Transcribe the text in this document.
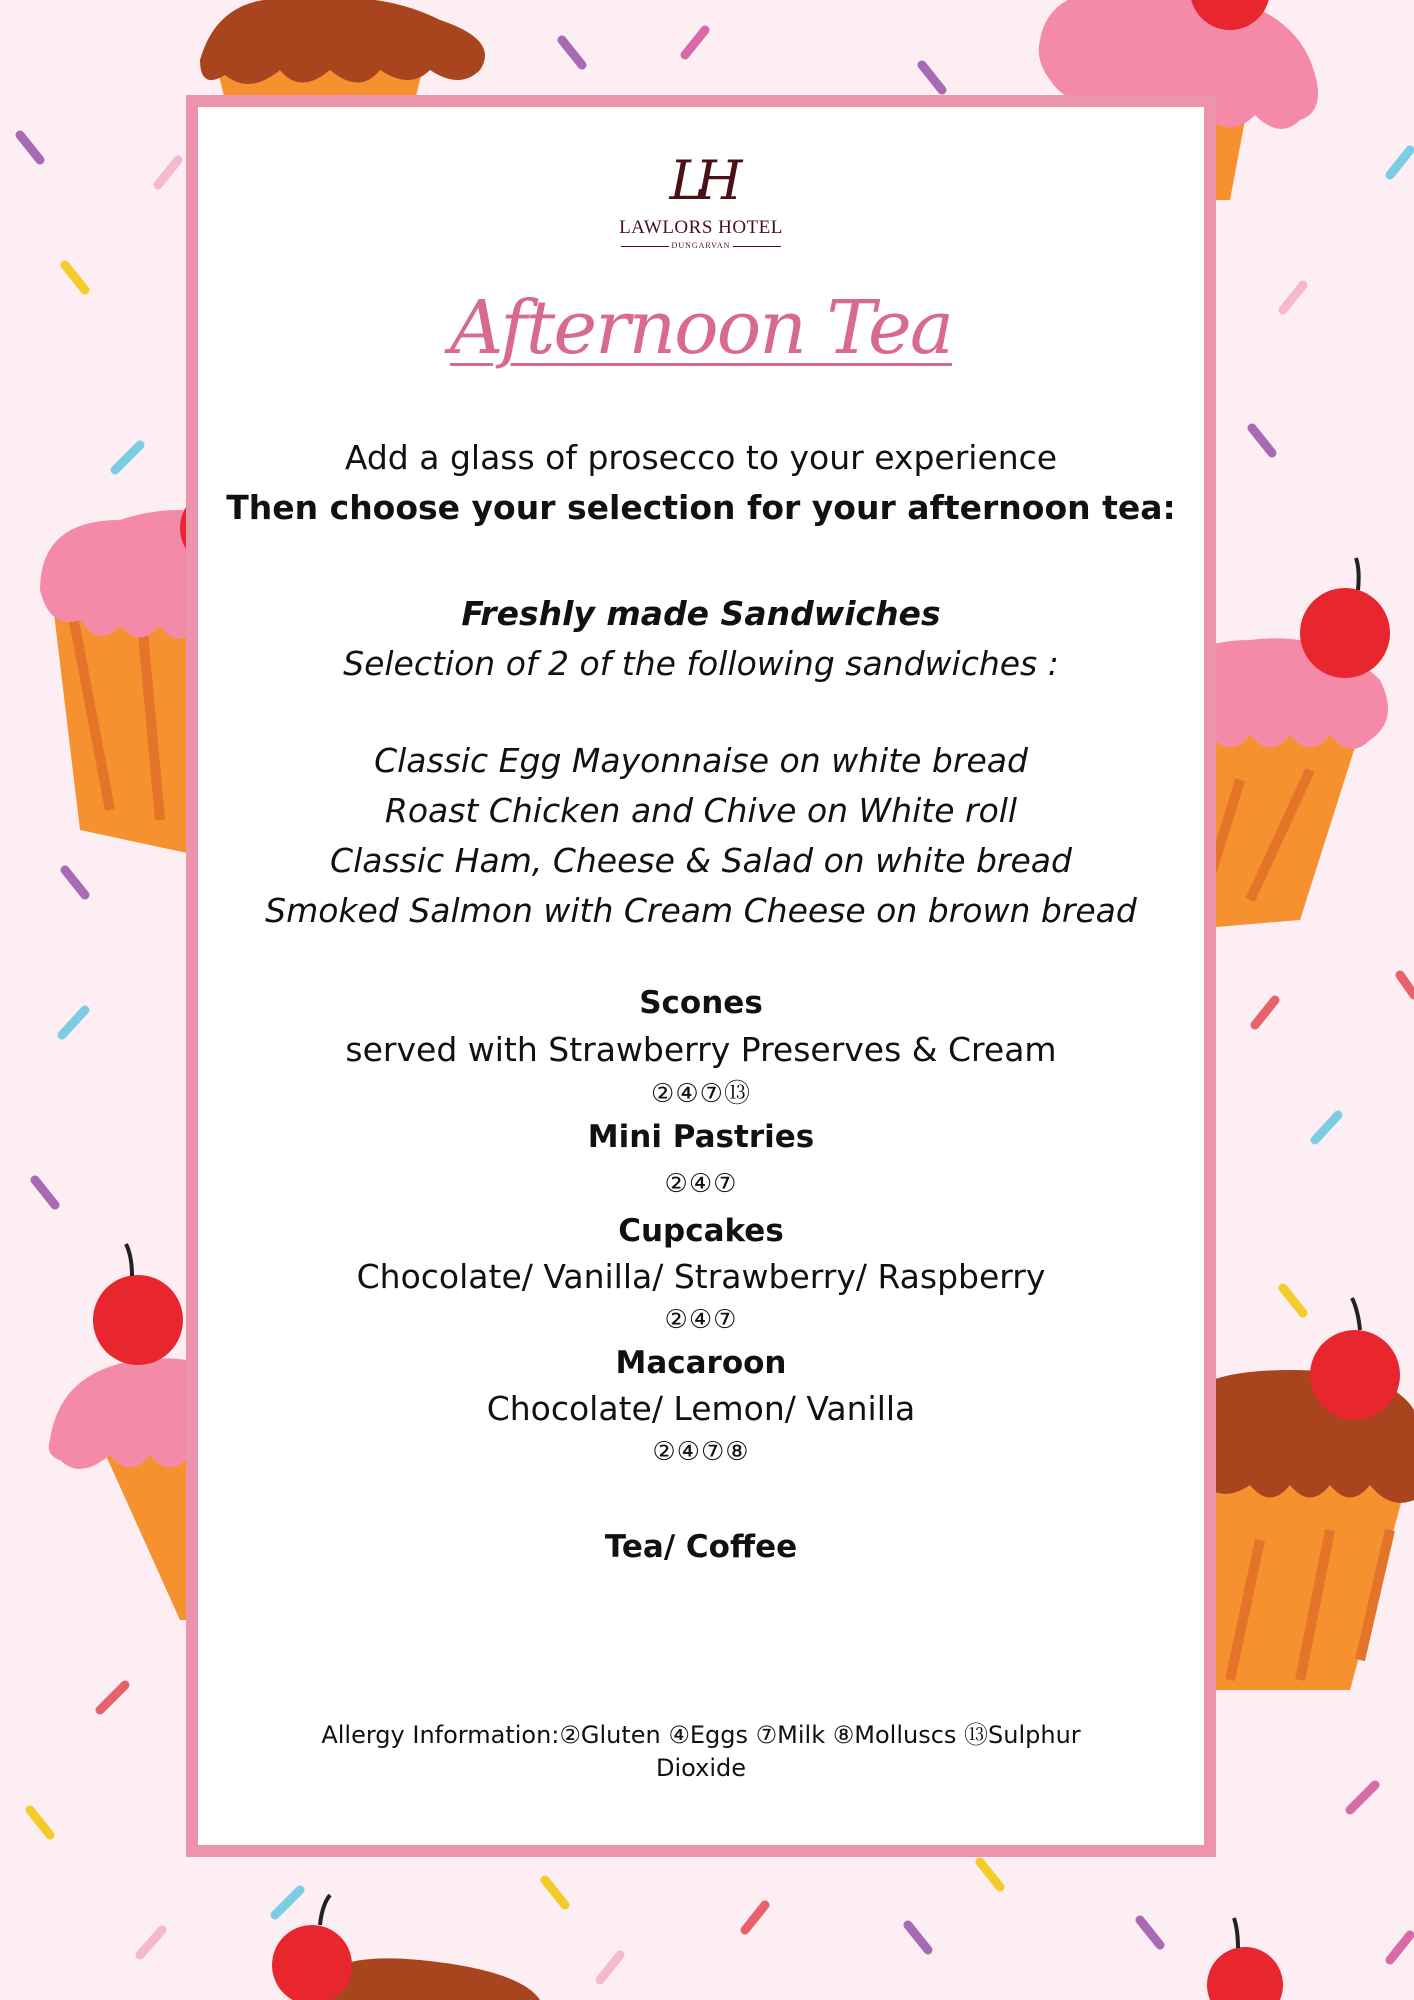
LH
LAWLORS HOTEL
DUNGARVAN
Afternoon Tea
Add a glass of prosecco to your experience
Then choose your selection for your afternoon tea:
Freshly made Sandwiches
Selection of 2 of the following sandwiches :
Classic Egg Mayonnaise on white bread
Roast Chicken and Chive on White roll
Classic Ham, Cheese & Salad on white bread
Smoked Salmon with Cream Cheese on brown bread
Scones
served with Strawberry Preserves & Cream
②④⑦⑬
Mini Pastries
②④⑦
Cupcakes
Chocolate/ Vanilla/ Strawberry/ Raspberry
②④⑦
Macaroon
Chocolate/ Lemon/ Vanilla
②④⑦⑧
Tea/ Coffee
Allergy Information:②Gluten ④Eggs ⑦Milk ⑧Molluscs ⑬Sulphur Dioxide
